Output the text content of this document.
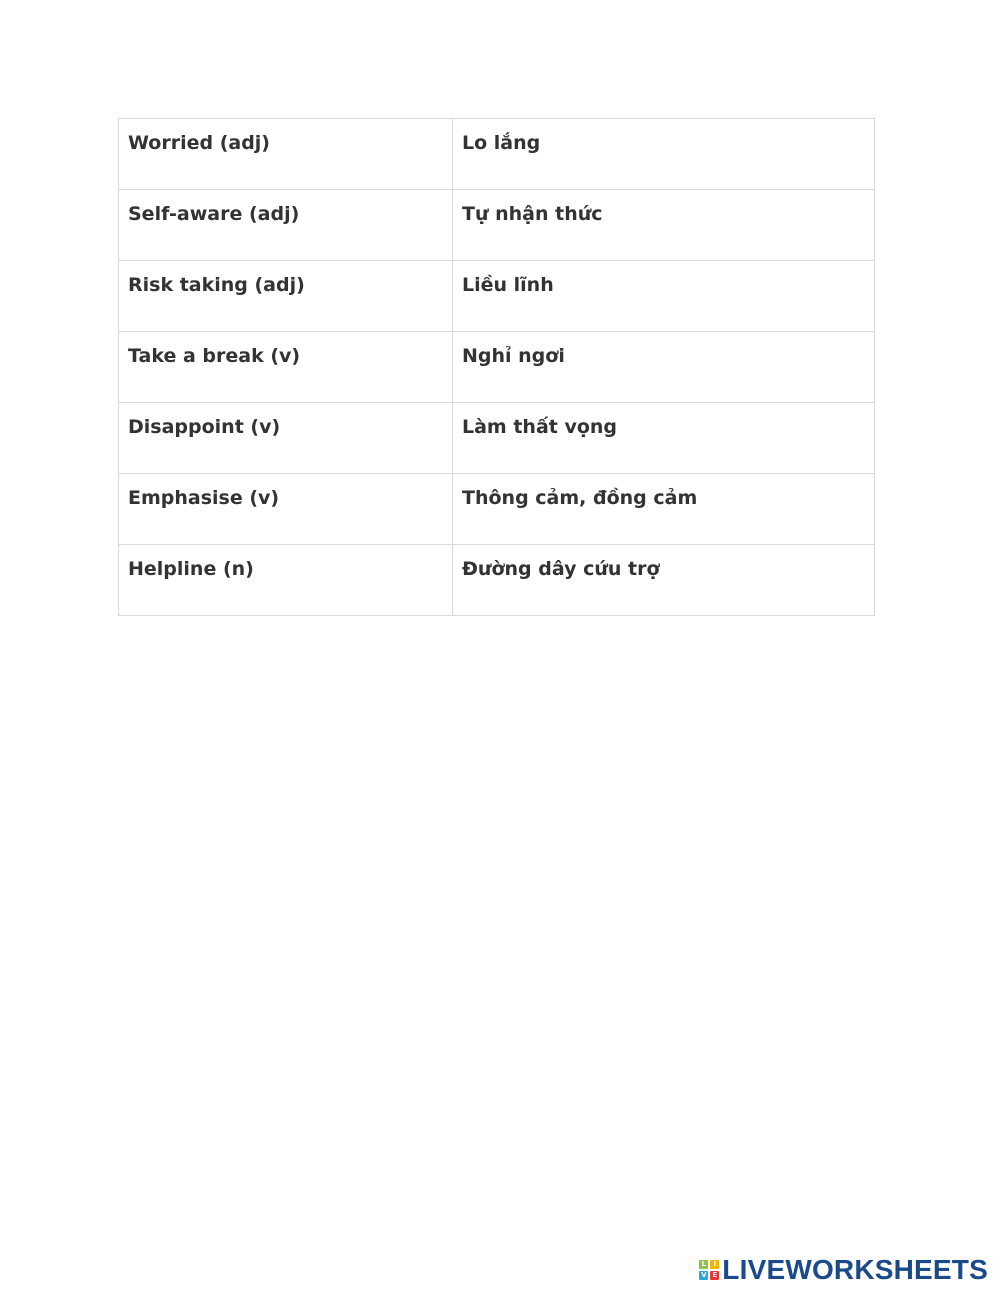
Worried (adj)	Lo lắng
Self-aware (adj)	Tự nhận thức
Risk taking (adj)	Liều lĩnh
Take a break (v)	Nghỉ ngơi
Disappoint (v)	Làm thất vọng
Emphasise (v)	Thông cảm, đồng cảm
Helpline (n)	Đường dây cứu trợ
L	I
V E LIVEWORKSHEETS
